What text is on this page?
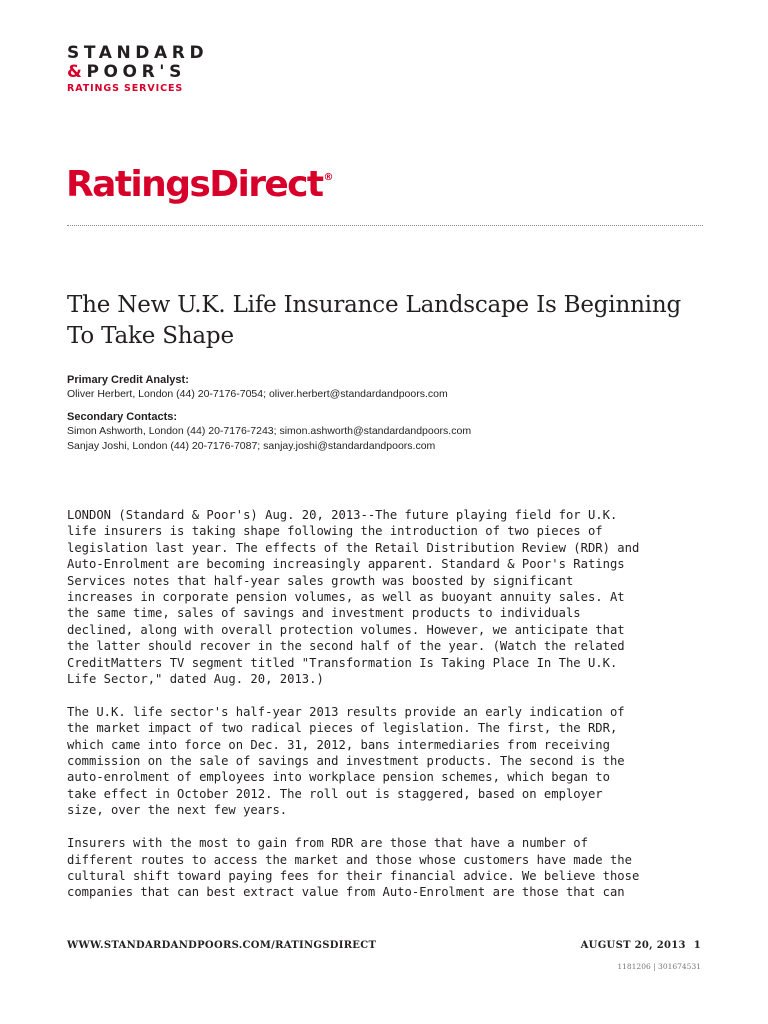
STANDARD
&POOR'S
RATINGS SERVICES
RatingsDirect®
The New U.K. Life Insurance Landscape Is Beginning To Take Shape
Primary Credit Analyst:
Oliver Herbert, London (44) 20-7176-7054; oliver.herbert@standardandpoors.com
Secondary Contacts:
Simon Ashworth, London (44) 20-7176-7243; simon.ashworth@standardandpoors.com
Sanjay Joshi, London (44) 20-7176-7087; sanjay.joshi@standardandpoors.com

LONDON (Standard & Poor's) Aug. 20, 2013--The future playing field for U.K.
life insurers is taking shape following the introduction of two pieces of
legislation last year. The effects of the Retail Distribution Review (RDR) and
Auto-Enrolment are becoming increasingly apparent. Standard & Poor's Ratings
Services notes that half-year sales growth was boosted by significant
increases in corporate pension volumes, as well as buoyant annuity sales. At
the same time, sales of savings and investment products to individuals
declined, along with overall protection volumes. However, we anticipate that
the latter should recover in the second half of the year. (Watch the related
CreditMatters TV segment titled "Transformation Is Taking Place In The U.K.
Life Sector," dated Aug. 20, 2013.)

The U.K. life sector's half-year 2013 results provide an early indication of
the market impact of two radical pieces of legislation. The first, the RDR,
which came into force on Dec. 31, 2012, bans intermediaries from receiving
commission on the sale of savings and investment products. The second is the
auto-enrolment of employees into workplace pension schemes, which began to
take effect in October 2012. The roll out is staggered, based on employer
size, over the next few years.

Insurers with the most to gain from RDR are those that have a number of
different routes to access the market and those whose customers have made the
cultural shift toward paying fees for their financial advice. We believe those
companies that can best extract value from Auto-Enrolment are those that can

WWW.STANDARDANDPOORS.COM/RATINGSDIRECT	AUGUST 20, 2013 1
1181206 | 301674531
